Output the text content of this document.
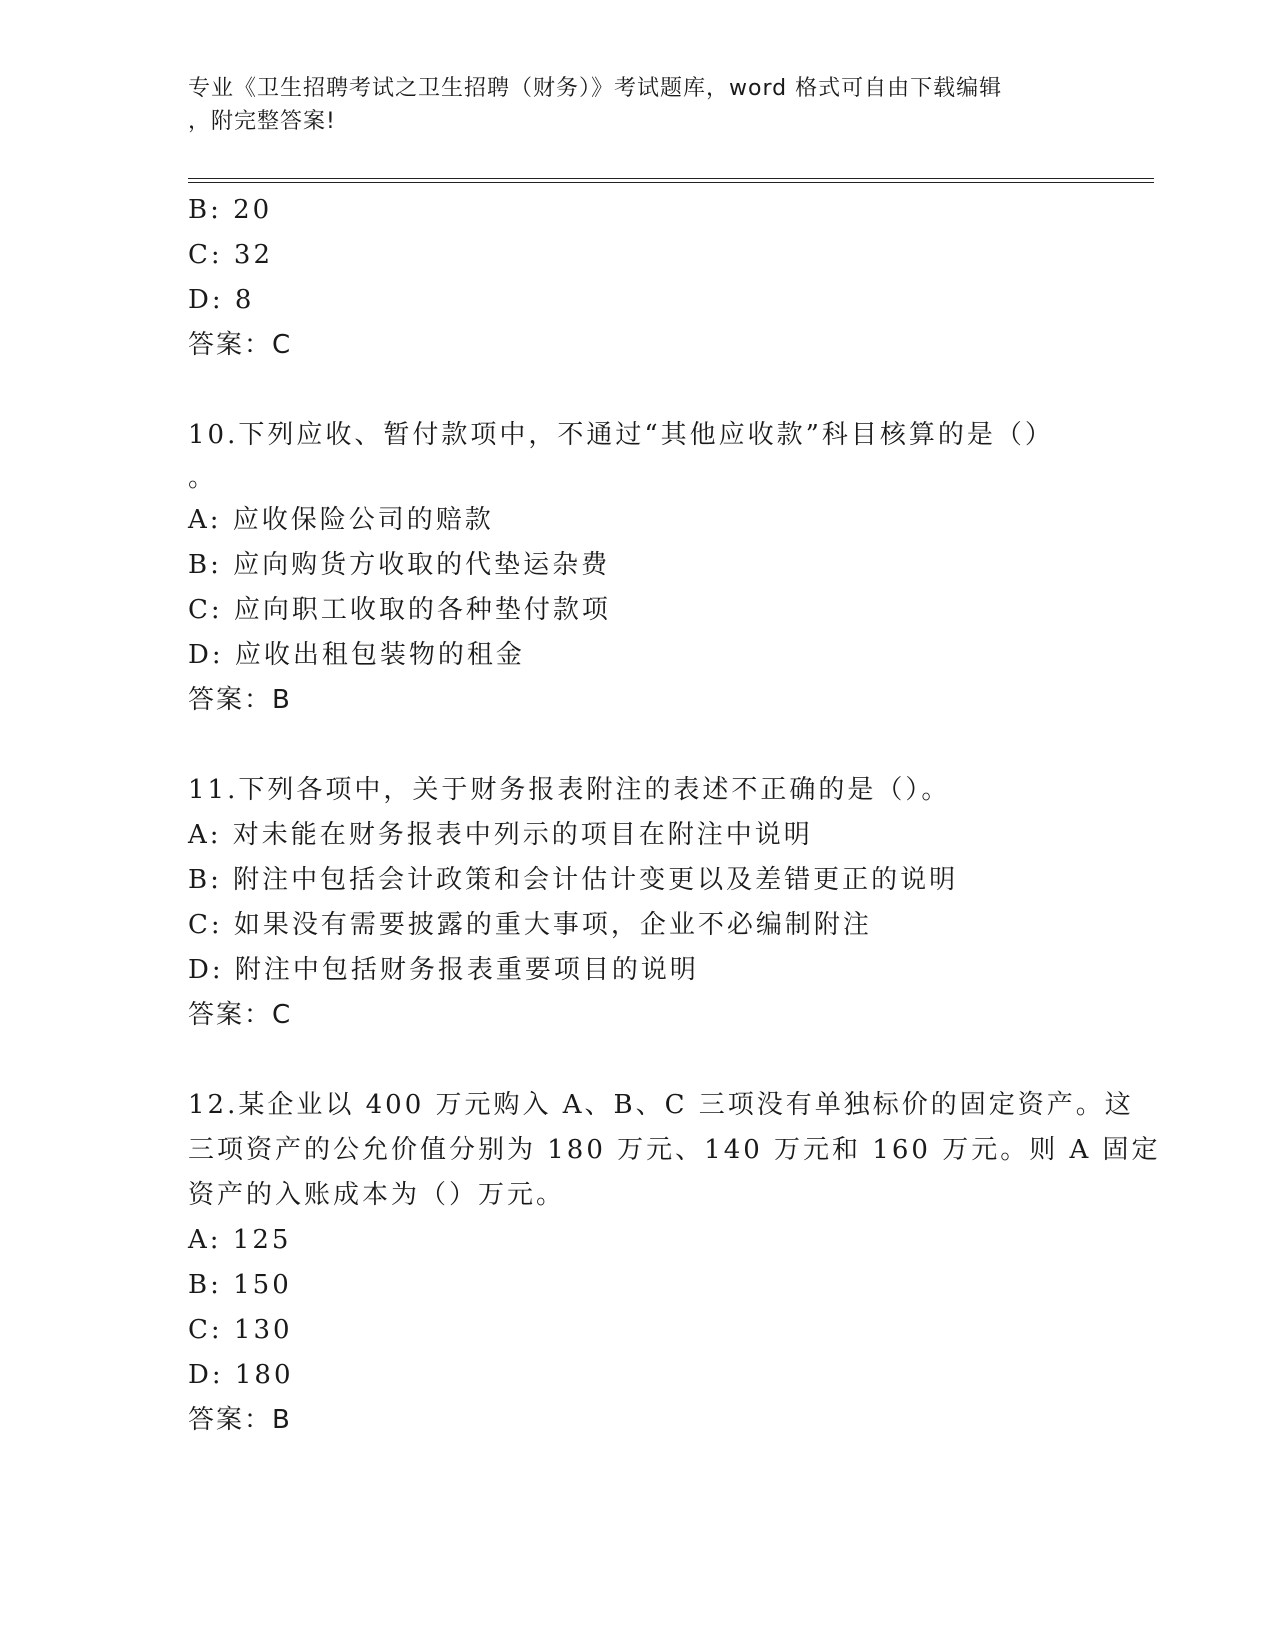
专业《卫生招聘考试之卫生招聘（财务）》考试题库，word 格式可自由下载编辑
，附完整答案!
B: 20
C: 32
D: 8
答案：C
10.下列应收、暂付款项中，不通过“其他应收款”科目核算的是（）
。
A: 应收保险公司的赔款
B: 应向购货方收取的代垫运杂费
C: 应向职工收取的各种垫付款项
D: 应收出租包装物的租金
答案：B
11.下列各项中，关于财务报表附注的表述不正确的是（）。
A: 对未能在财务报表中列示的项目在附注中说明
B: 附注中包括会计政策和会计估计变更以及差错更正的说明
C: 如果没有需要披露的重大事项，企业不必编制附注
D: 附注中包括财务报表重要项目的说明
答案：C
12.某企业以 400 万元购入 A、B、C 三项没有单独标价的固定资产。这
三项资产的公允价值分别为 180 万元、140 万元和 160 万元。则 A 固定
资产的入账成本为（）万元。
A: 125
B: 150
C: 130
D: 180
答案：B
